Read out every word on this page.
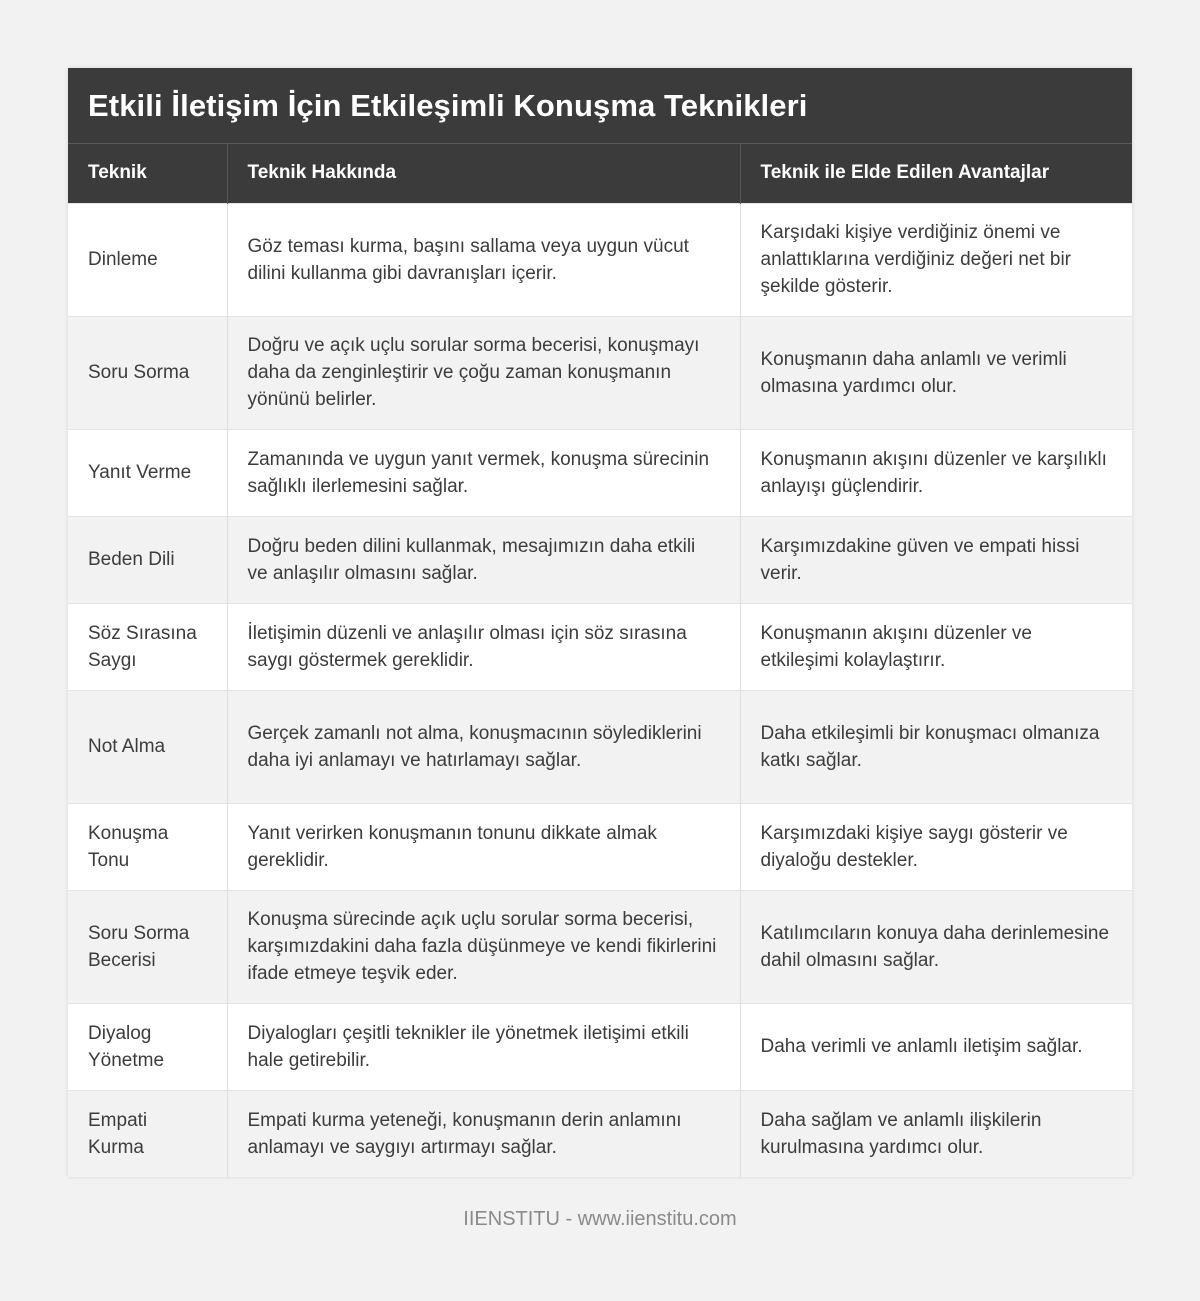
Etkili İletişim İçin Etkileşimli Konuşma Teknikleri
Teknik	Teknik Hakkında	Teknik ile Elde Edilen Avantajlar
Dinleme	Göz teması kurma, başını sallama veya uygun vücut dilini kullanma gibi davranışları içerir.	Karşıdaki kişiye verdiğiniz önemi ve anlattıklarına verdiğiniz değeri net bir şekilde gösterir.
Soru Sorma	Doğru ve açık uçlu sorular sorma becerisi, konuşmayı daha da zenginleştirir ve çoğu zaman konuşmanın yönünü belirler.	Konuşmanın daha anlamlı ve verimli olmasına yardımcı olur.
Yanıt Verme	Zamanında ve uygun yanıt vermek, konuşma sürecinin sağlıklı ilerlemesini sağlar.	Konuşmanın akışını düzenler ve karşılıklı anlayışı güçlendirir.
Beden Dili	Doğru beden dilini kullanmak, mesajımızın daha etkili ve anlaşılır olmasını sağlar.	Karşımızdakine güven ve empati hissi verir.
Söz Sırasına Saygı	İletişimin düzenli ve anlaşılır olması için söz sırasına saygı göstermek gereklidir.	Konuşmanın akışını düzenler ve etkileşimi kolaylaştırır.
Not Alma	Gerçek zamanlı not alma, konuşmacının söylediklerini daha iyi anlamayı ve hatırlamayı sağlar.	Daha etkileşimli bir konuşmacı olmanıza katkı sağlar.
Konuşma Tonu	Yanıt verirken konuşmanın tonunu dikkate almak gereklidir.	Karşımızdaki kişiye saygı gösterir ve diyaloğu destekler.
Soru Sorma Becerisi	Konuşma sürecinde açık uçlu sorular sorma becerisi, karşımızdakini daha fazla düşünmeye ve kendi fikirlerini ifade etmeye teşvik eder.	Katılımcıların konuya daha derinlemesine dahil olmasını sağlar.
Diyalog Yönetme	Diyalogları çeşitli teknikler ile yönetmek iletişimi etkili hale getirebilir.	Daha verimli ve anlamlı iletişim sağlar.
Empati Kurma	Empati kurma yeteneği, konuşmanın derin anlamını anlamayı ve saygıyı artırmayı sağlar.	Daha sağlam ve anlamlı ilişkilerin kurulmasına yardımcı olur.
IIENSTITU - www.iienstitu.com
